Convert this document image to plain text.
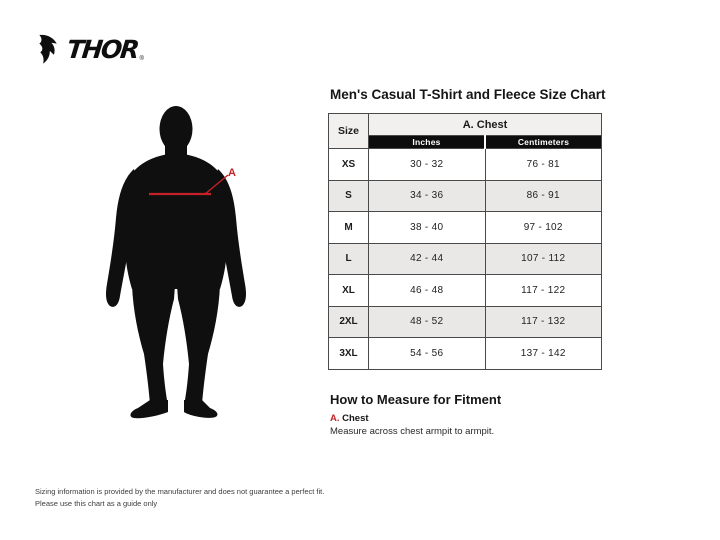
THOR ®
A
Men's Casual T-Shirt and Fleece Size Chart
Size	A. Chest	
	Inches	Centimeters
XS	30 - 32	76 - 81
S	34 - 36	86 - 91
M	38 - 40	97 - 102
L	42 - 44	107 - 112
XL	46 - 48	117 - 122
2XL	48 - 52	117 - 132
3XL	54 - 56	137 - 142
How to Measure for Fitment
A. Chest
Measure across chest armpit to armpit.
Sizing information is provided by the manufacturer and does not guarantee a perfect fit.
Please use this chart as a guide only
